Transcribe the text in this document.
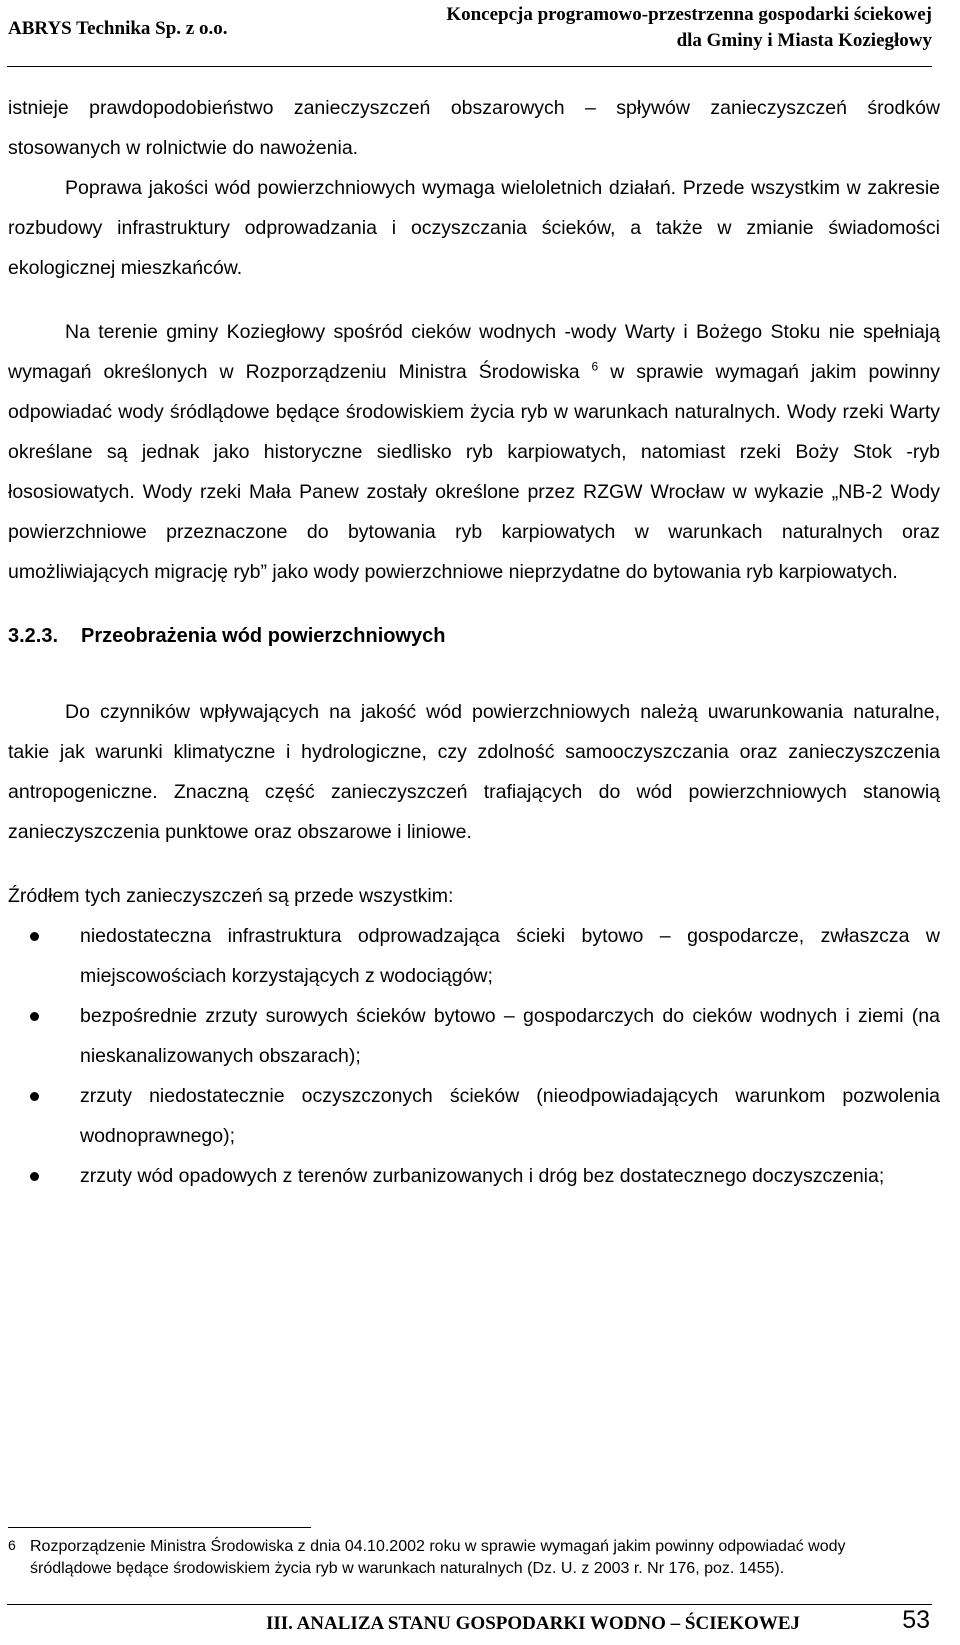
ABRYS Technika Sp. z o.o.
Koncepcja programowo-przestrzenna gospodarki ściekowej
dla Gminy i Miasta Koziegłowy

istnieje prawdopodobieństwo zanieczyszczeń obszarowych – spływów zanieczyszczeń środków stosowanych w rolnictwie do nawożenia.

Poprawa jakości wód powierzchniowych wymaga wieloletnich działań. Przede wszystkim w zakresie rozbudowy infrastruktury odprowadzania i oczyszczania ścieków, a także w zmianie świadomości ekologicznej mieszkańców.

Na terenie gminy Koziegłowy spośród cieków wodnych -wody Warty i Bożego Stoku nie spełniają wymagań określonych w Rozporządzeniu Ministra Środowiska $^6$ w sprawie wymagań jakim powinny odpowiadać wody śródlądowe będące środowiskiem życia ryb w warunkach naturalnych. Wody rzeki Warty określane są jednak jako historyczne siedlisko ryb karpiowatych, natomiast rzeki Boży Stok -ryb łososiowatych. Wody rzeki Mała Panew zostały określone przez RZGW Wrocław w wykazie „NB-2 Wody powierzchniowe przeznaczone do bytowania ryb karpiowatych w warunkach naturalnych oraz umożliwiających migrację ryb” jako wody powierzchniowe nieprzydatne do bytowania ryb karpiowatych.

3.2.3. Przeobrażenia wód powierzchniowych

Do czynników wpływających na jakość wód powierzchniowych należą uwarunkowania naturalne, takie jak warunki klimatyczne i hydrologiczne, czy zdolność samooczyszczania oraz zanieczyszczenia antropogeniczne. Znaczną część zanieczyszczeń trafiających do wód powierzchniowych stanowią zanieczyszczenia punktowe oraz obszarowe i liniowe.

Źródłem tych zanieczyszczeń są przede wszystkim:

niedostateczna infrastruktura odprowadzająca ścieki bytowo – gospodarcze, zwłaszcza w miejscowościach korzystających z wodociągów;
bezpośrednie zrzuty surowych ścieków bytowo – gospodarczych do cieków wodnych i ziemi (na nieskanalizowanych obszarach);
zrzuty niedostatecznie oczyszczonych ścieków (nieodpowiadających warunkom pozwolenia wodnoprawnego);
zrzuty wód opadowych z terenów zurbanizowanych i dróg bez dostatecznego doczyszczenia;
6 Rozporządzenie Ministra Środowiska z dnia 04.10.2002 roku w sprawie wymagań jakim powinny odpowiadać wody śródlądowe będące środowiskiem życia ryb w warunkach naturalnych (Dz. U. z 2003 r. Nr 176, poz. 1455).
III. ANALIZA STANU GOSPODARKI WODNO – ŚCIEKOWEJ	53
